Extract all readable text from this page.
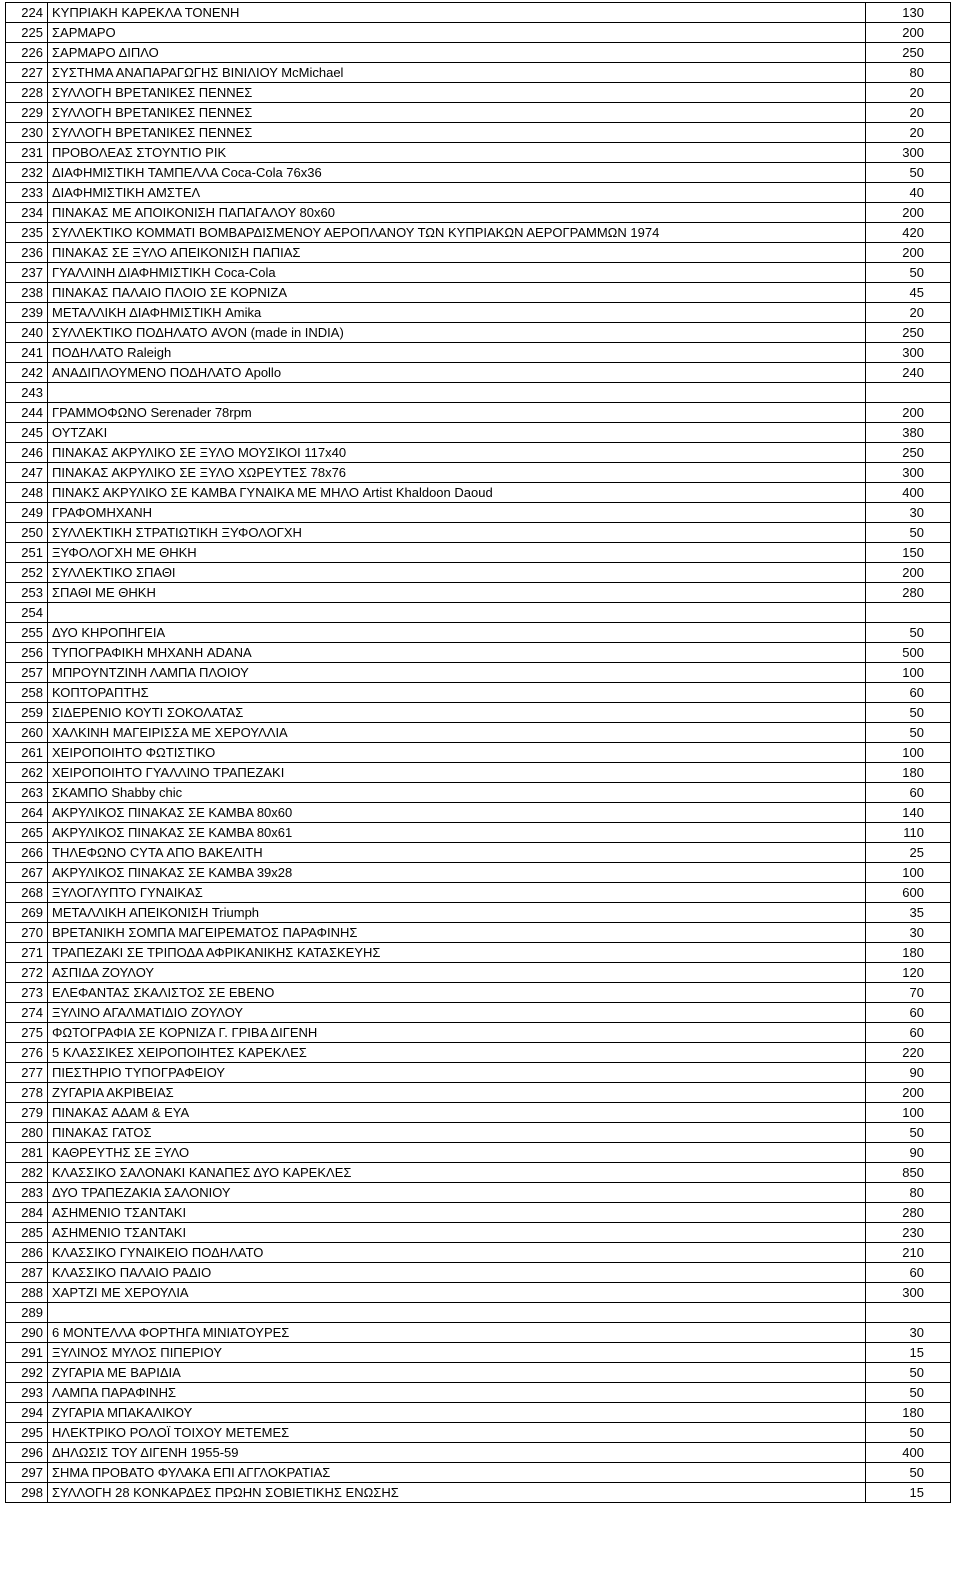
224	ΚΥΠΡΙΑΚΗ ΚΑΡΕΚΛΑ ΤΟΝΕΝΗ	130
225	ΣΑΡΜΑΡΟ	200
226	ΣΑΡΜΑΡΟ ΔΙΠΛΟ	250
227	ΣΥΣΤΗΜΑ ΑΝΑΠΑΡΑΓΩΓΗΣ ΒΙΝΙΛΙΟΥ McMichael	80
228	ΣΥΛΛΟΓΗ ΒΡΕΤΑΝΙΚΕΣ ΠΕΝΝΕΣ	20
229	ΣΥΛΛΟΓΗ ΒΡΕΤΑΝΙΚΕΣ ΠΕΝΝΕΣ	20
230	ΣΥΛΛΟΓΗ ΒΡΕΤΑΝΙΚΕΣ ΠΕΝΝΕΣ	20
231	ΠΡΟΒΟΛΕΑΣ ΣΤΟΥΝΤΙΟ ΡΙΚ	300
232	ΔΙΑΦΗΜΙΣΤΙΚΗ ΤΑΜΠΕΛΛΑ Coca-Cola 76x36	50
233	ΔΙΑΦΗΜΙΣΤΙΚΗ ΑΜΣΤΕΛ	40
234	ΠΙΝΑΚΑΣ ΜΕ ΑΠΟΙΚΟΝΙΣΗ ΠΑΠΑΓΑΛΟΥ 80x60	200
235	ΣΥΛΛΕΚΤΙΚΟ ΚΟΜΜΑΤΙ ΒΟΜΒΑΡΔΙΣΜΕΝΟΥ ΑΕΡΟΠΛΑΝΟΥ ΤΩΝ ΚΥΠΡΙΑΚΩΝ ΑΕΡΟΓΡΑΜΜΩΝ 1974	420
236	ΠΙΝΑΚΑΣ ΣΕ ΞΥΛΟ ΑΠΕΙΚΟΝΙΣΗ ΠΑΠΙΑΣ	200
237	ΓΥΑΛΛΙΝΗ ΔΙΑΦΗΜΙΣΤΙΚΗ Coca-Cola	50
238	ΠΙΝΑΚΑΣ ΠΑΛΑΙΟ ΠΛΟΙΟ ΣΕ ΚΟΡΝΙΖΑ	45
239	ΜΕΤΑΛΛΙΚΗ ΔΙΑΦΗΜΙΣΤΙΚΗ Amika	20
240	ΣΥΛΛΕΚΤΙΚΟ ΠΟΔΗΛΑΤΟ AVON (made in INDIA)	250
241	ΠΟΔΗΛΑΤΟ Raleigh	300
242	ΑΝΑΔΙΠΛΟΥΜΕΝΟ ΠΟΔΗΛΑΤΟ Apollo	240
243		
244	ΓΡΑΜΜΟΦΩΝΟ Serenader 78rpm	200
245	ΟΥΤΖΑΚΙ	380
246	ΠΙΝΑΚΑΣ ΑΚΡΥΛΙΚΟ ΣΕ ΞΥΛΟ ΜΟΥΣΙΚΟΙ 117x40	250
247	ΠΙΝΑΚΑΣ ΑΚΡΥΛΙΚΟ ΣΕ ΞΥΛΟ ΧΩΡΕΥΤΕΣ 78x76	300
248	ΠΙΝΑΚΣ ΑΚΡΥΛΙΚΟ ΣΕ ΚΑΜΒΑ ΓΥΝΑΙΚΑ ΜΕ ΜΗΛΟ Artist Khaldoon Daoud	400
249	ΓΡΑΦΟΜΗΧΑΝΗ	30
250	ΣΥΛΛΕΚΤΙΚΗ ΣΤΡΑΤΙΩΤΙΚΗ ΞΥΦΟΛΟΓΧΗ	50
251	ΞΥΦΟΛΟΓΧΗ ΜΕ ΘΗΚΗ	150
252	ΣΥΛΛΕΚΤΙΚΟ ΣΠΑΘΙ	200
253	ΣΠΑΘΙ ΜΕ ΘΗΚΗ	280
254		
255	ΔΥΟ ΚΗΡΟΠΗΓΕΙΑ	50
256	ΤΥΠΟΓΡΑΦΙΚΗ ΜΗΧΑΝΗ ADANA	500
257	ΜΠΡΟΥΝΤΖΙΝΗ ΛΑΜΠΑ ΠΛΟΙΟΥ	100
258	ΚΟΠΤΟΡΑΠΤΗΣ	60
259	ΣΙΔΕΡΕΝΙΟ ΚΟΥΤΙ ΣΟΚΟΛΑΤΑΣ	50
260	ΧΑΛΚΙΝΗ ΜΑΓΕΙΡΙΣΣΑ ΜΕ ΧΕΡΟΥΛΛΙΑ	50
261	ΧΕΙΡΟΠΟΙΗΤΟ ΦΩΤΙΣΤΙΚΟ	100
262	ΧΕΙΡΟΠΟΙΗΤΟ ΓΥΑΛΛΙΝΟ ΤΡΑΠΕΖΑΚΙ	180
263	ΣΚΑΜΠΟ Shabby chic	60
264	ΑΚΡΥΛΙΚΟΣ ΠΙΝΑΚΑΣ ΣΕ ΚΑΜΒΑ 80x60	140
265	ΑΚΡΥΛΙΚΟΣ ΠΙΝΑΚΑΣ ΣΕ ΚΑΜΒΑ 80x61	110
266	ΤΗΛΕΦΩΝΟ CYTA ΑΠΟ ΒΑΚΕΛΙΤΗ	25
267	ΑΚΡΥΛΙΚΟΣ ΠΙΝΑΚΑΣ ΣΕ ΚΑΜΒΑ 39x28	100
268	ΞΥΛΟΓΛΥΠΤΟ ΓΥΝΑΙΚΑΣ	600
269	ΜΕΤΑΛΛΙΚΗ ΑΠΕΙΚΟΝΙΣΗ Triumph	35
270	ΒΡΕΤΑΝΙΚΗ ΣΟΜΠΑ ΜΑΓΕΙΡΕΜΑΤΟΣ ΠΑΡΑΦΙΝΗΣ	30
271	ΤΡΑΠΕΖΑΚΙ ΣΕ ΤΡΙΠΟΔΑ ΑΦΡΙΚΑΝΙΚΗΣ ΚΑΤΑΣΚΕΥΗΣ	180
272	ΑΣΠΙΔΑ ΖΟΥΛΟΥ	120
273	ΕΛΕΦΑΝΤΑΣ ΣΚΑΛΙΣΤΟΣ ΣΕ ΕΒΕΝΟ	70
274	ΞΥΛΙΝΟ ΑΓΑΛΜΑΤΙΔΙΟ ΖΟΥΛΟΥ	60
275	ΦΩΤΟΓΡΑΦΙΑ ΣΕ ΚΟΡΝΙΖΑ Γ. ΓΡΙΒΑ ΔΙΓΕΝΗ	60
276	5 ΚΛΑΣΣΙΚΕΣ ΧΕΙΡΟΠΟΙΗΤΕΣ ΚΑΡΕΚΛΕΣ	220
277	ΠΙΕΣΤΗΡΙΟ ΤΥΠΟΓΡΑΦΕΙΟΥ	90
278	ΖΥΓΑΡΙΑ ΑΚΡΙΒΕΙΑΣ	200
279	ΠΙΝΑΚΑΣ ΑΔΑΜ & ΕΥΑ	100
280	ΠΙΝΑΚΑΣ ΓΑΤΟΣ	50
281	ΚΑΘΡΕΥΤΗΣ ΣΕ ΞΥΛΟ	90
282	ΚΛΑΣΣΙΚΟ ΣΑΛΟΝΑΚΙ ΚΑΝΑΠΕΣ ΔΥΟ ΚΑΡΕΚΛΕΣ	850
283	ΔΥΟ ΤΡΑΠΕΖΑΚΙΑ ΣΑΛΟΝΙΟΥ	80
284	ΑΣΗΜΕΝΙΟ ΤΣΑΝΤΑΚΙ	280
285	ΑΣΗΜΕΝΙΟ ΤΣΑΝΤΑΚΙ	230
286	ΚΛΑΣΣΙΚΟ ΓΥΝΑΙΚΕΙΟ ΠΟΔΗΛΑΤΟ	210
287	ΚΛΑΣΣΙΚΟ ΠΑΛΑΙΟ ΡΑΔΙΟ	60
288	ΧΑΡΤΖΙ ΜΕ ΧΕΡΟΥΛΙΑ	300
289		
290	6 ΜΟΝΤΕΛΛΑ ΦΟΡΤΗΓΑ ΜΙΝΙΑΤΟΥΡΕΣ	30
291	ΞΥΛΙΝΟΣ ΜΥΛΟΣ ΠΙΠΕΡΙΟΥ	15
292	ΖΥΓΑΡΙΑ ΜΕ ΒΑΡΙΔΙΑ	50
293	ΛΑΜΠΑ ΠΑΡΑΦΙΝΗΣ	50
294	ΖΥΓΑΡΙΑ ΜΠΑΚΑΛΙΚΟΥ	180
295	ΗΛΕΚΤΡΙΚΟ ΡΟΛΟΪ ΤΟΙΧΟΥ ΜΕΤΕΜΕΣ	50
296	ΔΗΛΩΣΙΣ ΤΟΥ ΔΙΓΕΝΗ 1955-59	400
297	ΣΗΜΑ ΠΡΟΒΑΤΟ ΦΥΛΑΚΑ ΕΠΙ ΑΓΓΛΟΚΡΑΤΙΑΣ	50
298	ΣΥΛΛΟΓΗ 28 ΚΟΝΚΑΡΔΕΣ ΠΡΩΗΝ ΣΟΒΙΕΤΙΚΗΣ ΕΝΩΣΗΣ	15
